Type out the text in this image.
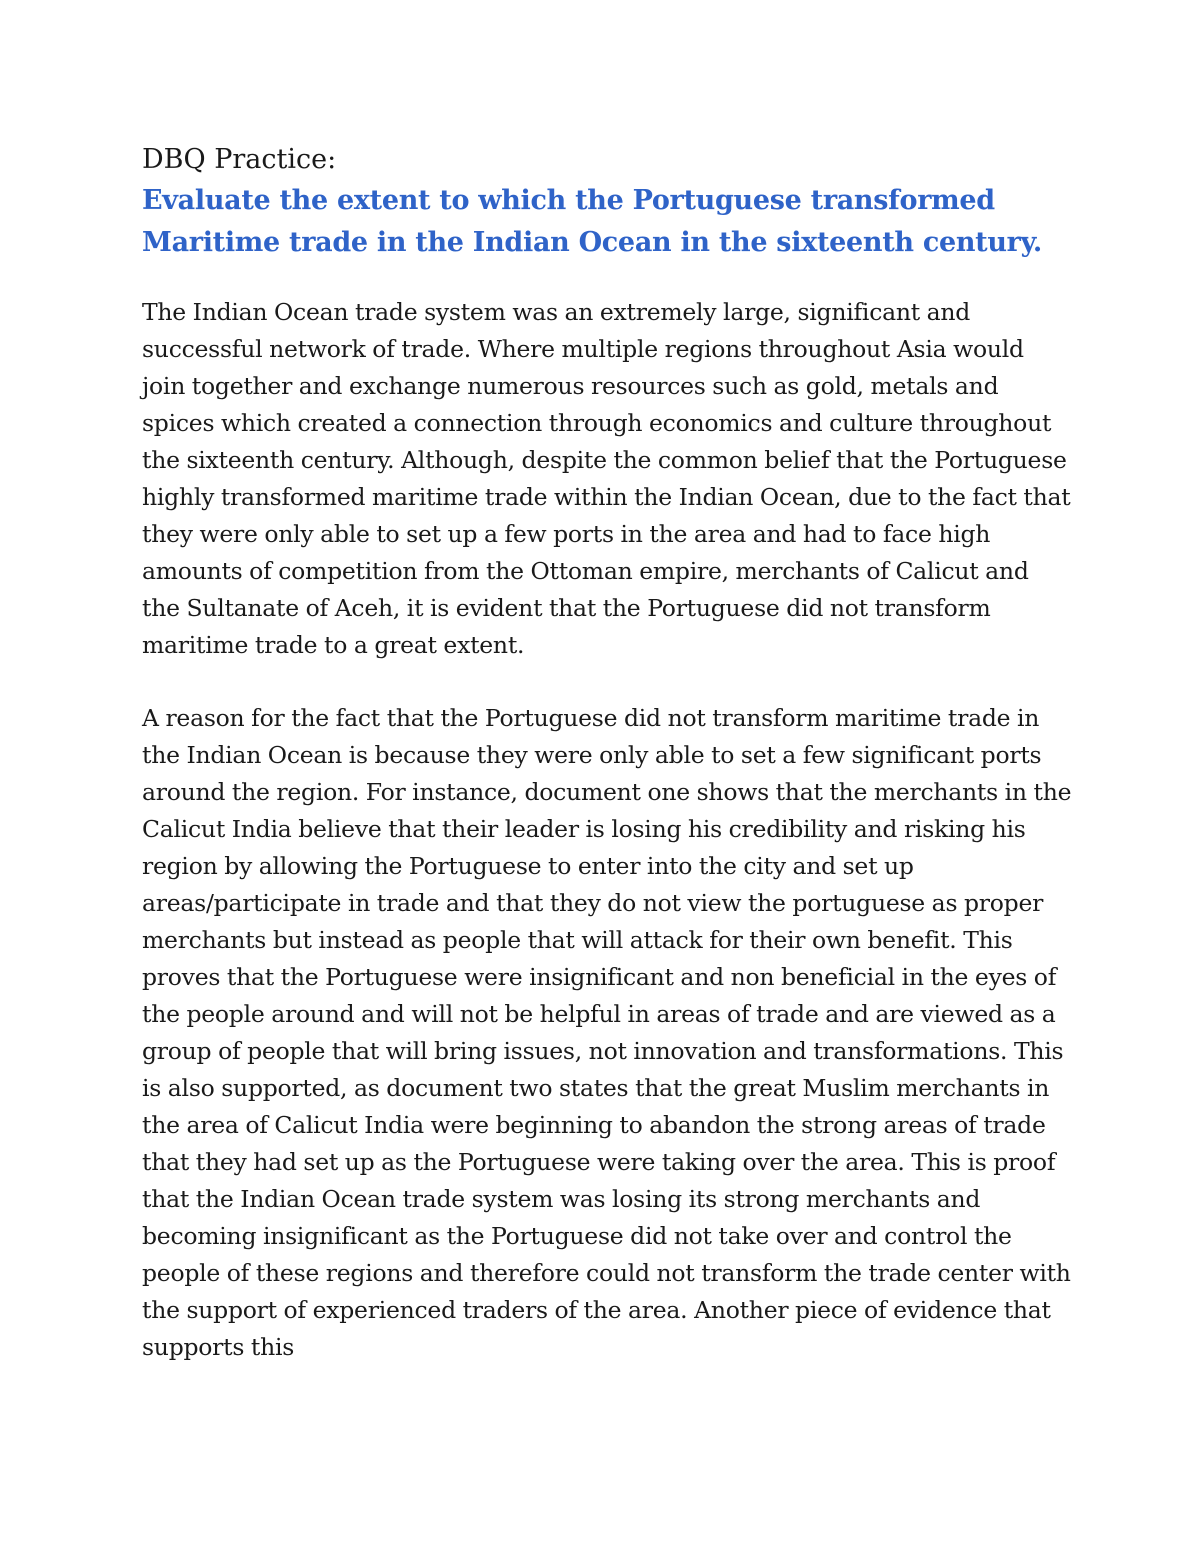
DBQ Practice:

Evaluate the extent to which the Portuguese transformed Maritime trade in the Indian Ocean in the sixteenth century.

The Indian Ocean trade system was an extremely large, significant and successful network of trade. Where multiple regions throughout Asia would join together and exchange numerous resources such as gold, metals and spices which created a connection through economics and culture throughout the sixteenth century. Although, despite the common belief that the Portuguese highly transformed maritime trade within the Indian Ocean, due to the fact that they were only able to set up a few ports in the area and had to face high amounts of competition from the Ottoman empire, merchants of Calicut and the Sultanate of Aceh, it is evident that the Portuguese did not transform maritime trade to a great extent.

A reason for the fact that the Portuguese did not transform maritime trade in the Indian Ocean is because they were only able to set a few significant ports around the region. For instance, document one shows that the merchants in the Calicut India believe that their leader is losing his credibility and risking his region by allowing the Portuguese to enter into the city and set up areas/participate in trade and that they do not view the portuguese as proper merchants but instead as people that will attack for their own benefit. This proves that the Portuguese were insignificant and non beneficial in the eyes of the people around and will not be helpful in areas of trade and are viewed as a group of people that will bring issues, not innovation and transformations. This is also supported, as document two states that the great Muslim merchants in the area of Calicut India were beginning to abandon the strong areas of trade that they had set up as the Portuguese were taking over the area. This is proof that the Indian Ocean trade system was losing its strong merchants and becoming insignificant as the Portuguese did not take over and control the people of these regions and therefore could not transform the trade center with the support of experienced traders of the area. Another piece of evidence that supports this
